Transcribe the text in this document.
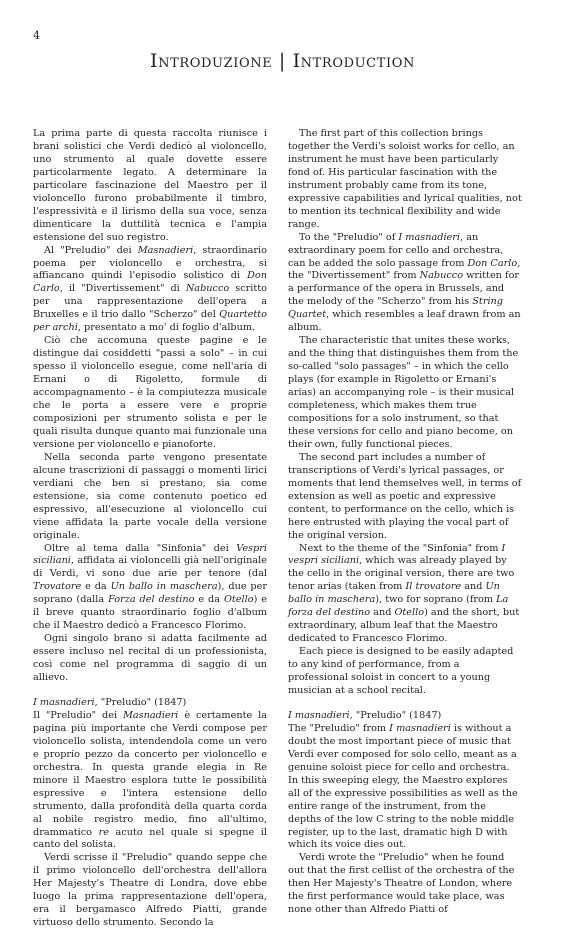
4
Introduzione | Introduction

La prima parte di questa raccolta riunisce i brani solistici che Verdi dedicò al violoncello, uno strumento al quale dovette essere particolarmente legato. A determinare la particolare fascinazione del Maestro per il violoncello furono probabilmente il timbro, l'espressività e il lirismo della sua voce, senza dimenticare la duttilità tecnica e l'ampia estensione del suo registro.

Al "Preludio" dei Masnadieri, straordinario poema per violoncello e orchestra, si affiancano quindi l'episodio solistico di Don Carlo, il "Divertissement" di Nabucco scritto per una rappresentazione dell'opera a Bruxelles e il trio dallo "Scherzo" del Quartetto per archi, presentato a mo' di foglio d'album.

Ciò che accomuna queste pagine e le distingue dai cosiddetti "passi a solo" – in cui spesso il violoncello esegue, come nell'aria di Ernani o di Rigoletto, formule di accompagnamento – è la compiutezza musicale che le porta a essere vere e proprie composizioni per strumento solista e per le quali risulta dunque quanto mai funzionale una versione per violoncello e pianoforte.

Nella seconda parte vengono presentate alcune trascrizioni di passaggi o momenti lirici verdiani che ben si prestano, sia come estensione, sia come contenuto poetico ed espressivo, all'esecuzione al violoncello cui viene affidata la parte vocale della versione originale.

Oltre al tema dalla "Sinfonia" dei Vespri siciliani, affidata ai violoncelli già nell'originale di Verdi, vi sono due arie per tenore (dal Trovatore e da Un ballo in maschera), due per soprano (dalla Forza del destino e da Otello) e il breve quanto straordinario foglio d'album che il Maestro dedicò a Francesco Florimo.

Ogni singolo brano si adatta facilmente ad essere incluso nel recital di un professionista, così come nel programma di saggio di un allievo.

I masnadieri, "Preludio" (1847)

Il "Preludio" dei Masnadieri è certamente la pagina più importante che Verdi compose per violoncello solista, intendendola come un vero e proprio pezzo da concerto per violoncello e orchestra. In questa grande elegia in Re minore il Maestro esplora tutte le possibilità espressive e l'intera estensione dello strumento, dalla profondità della quarta corda al nobile registro medio, fino all'ultimo, drammatico re acuto nel quale si spegne il canto del solista.

Verdi scrisse il "Preludio" quando seppe che il primo violoncello dell'orchestra dell'allora Her Majesty's Theatre di Londra, dove ebbe luogo la prima rappresentazione dell'opera, era il bergamasco Alfredo Piatti, grande virtuoso dello strumento. Secondo la

The first part of this collection brings together the Verdi's soloist works for cello, an instrument he must have been particularly fond of. His particular fascination with the instrument probably came from its tone, expressive capabilities and lyrical qualities, not to mention its technical flexibility and wide range.

To the "Preludio" of I masnadieri, an extraordinary poem for cello and orchestra, can be added the solo passage from Don Carlo, the "Divertissement" from Nabucco written for a performance of the opera in Brussels, and the melody of the "Scherzo" from his String Quartet, which resembles a leaf drawn from an album.

The characteristic that unites these works, and the thing that distinguishes them from the so-called "solo passages" – in which the cello plays (for example in Rigoletto or Ernani's arias) an accompanying role – is their musical completeness, which makes them true compositions for a solo instrument, so that these versions for cello and piano become, on their own, fully functional pieces.

The second part includes a number of transcriptions of Verdi's lyrical passages, or moments that lend themselves well, in terms of extension as well as poetic and expressive content, to performance on the cello, which is here entrusted with playing the vocal part of the original version.

Next to the theme of the "Sinfonia" from I vespri siciliani, which was already played by the cello in the original version, there are two tenor arias (taken from Il trovatore and Un ballo in maschera), two for soprano (from La forza del destino and Otello) and the short, but extraordinary, album leaf that the Maestro dedicated to Francesco Florimo.

Each piece is designed to be easily adapted to any kind of performance, from a professional soloist in concert to a young musician at a school recital.

I masnadieri, "Preludio" (1847)

The "Preludio" from I masnadieri is without a doubt the most important piece of music that Verdi ever composed for solo cello, meant as a genuine soloist piece for cello and orchestra. In this sweeping elegy, the Maestro explores all of the expressive possibilities as well as the entire range of the instrument, from the depths of the low C string to the noble middle register, up to the last, dramatic high D with which its voice dies out.

Verdi wrote the "Preludio" when he found out that the first cellist of the orchestra of the then Her Majesty's Theatre of London, where the first performance would take place, was none other than Alfredo Piatti of
